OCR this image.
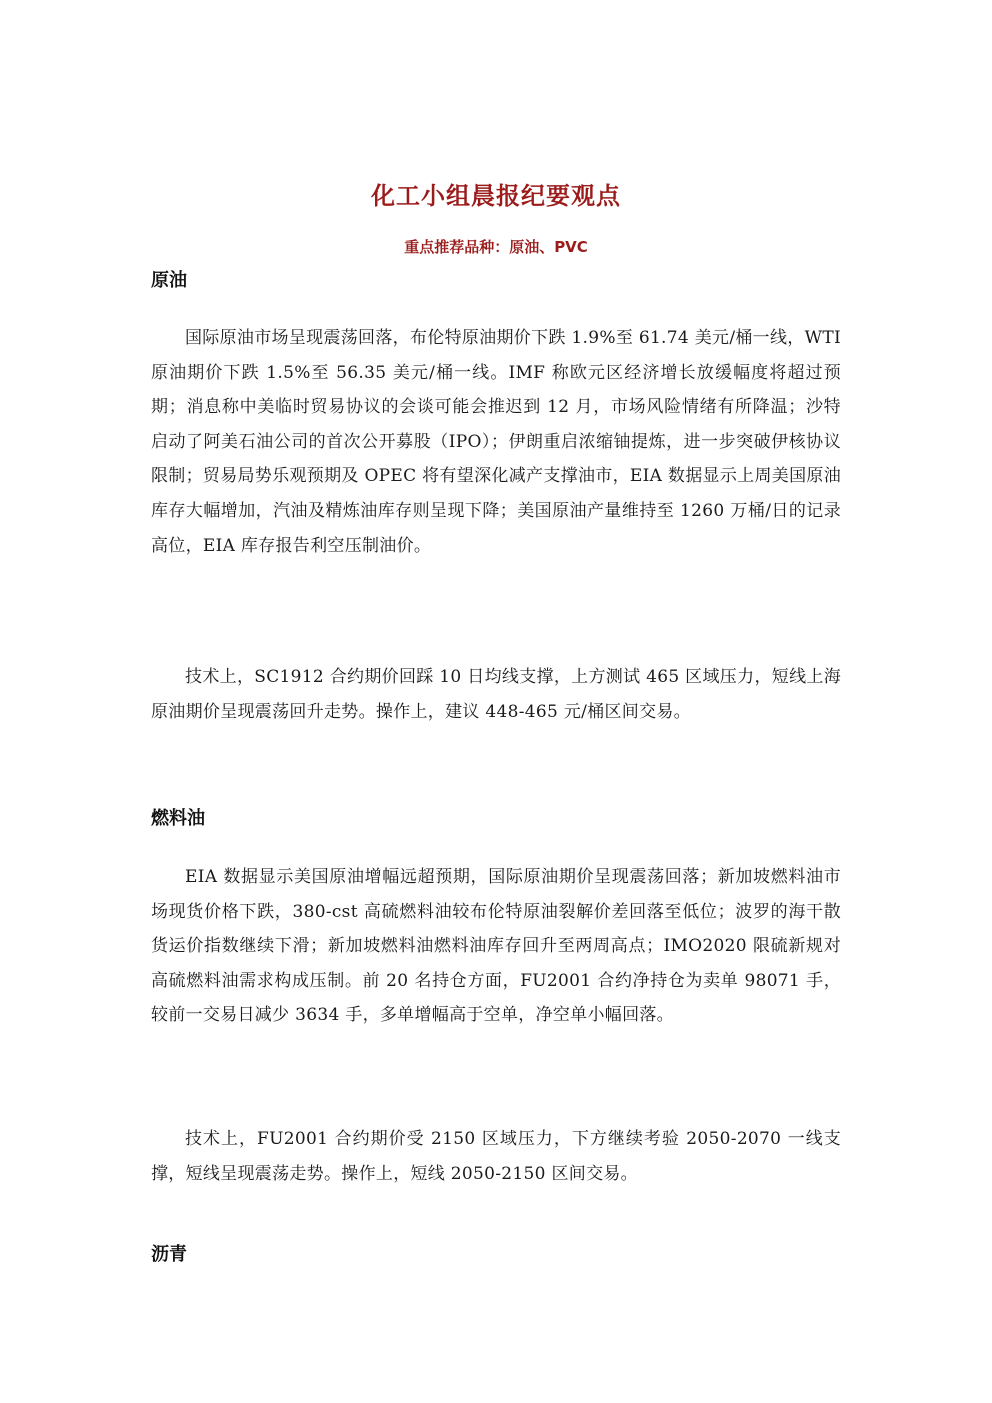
化工小组晨报纪要观点
重点推荐品种：原油、PVC
原油
国际原油市场呈现震荡回落，布伦特原油期价下跌 1.9%至 61.74 美元/桶一线，WTI 原油期价下跌 1.5%至 56.35 美元/桶一线。IMF 称欧元区经济增长放缓幅度将超过预期；消息称中美临时贸易协议的会谈可能会推迟到 12 月，市场风险情绪有所降温；沙特启动了阿美石油公司的首次公开募股（IPO）；伊朗重启浓缩铀提炼，进一步突破伊核协议限制；贸易局势乐观预期及 OPEC 将有望深化减产支撑油市，EIA 数据显示上周美国原油库存大幅增加，汽油及精炼油库存则呈现下降；美国原油产量维持至 1260 万桶/日的记录高位，EIA 库存报告利空压制油价。
技术上，SC1912 合约期价回踩 10 日均线支撑，上方测试 465 区域压力，短线上海原油期价呈现震荡回升走势。操作上，建议 448-465 元/桶区间交易。
燃料油
EIA 数据显示美国原油增幅远超预期，国际原油期价呈现震荡回落；新加坡燃料油市场现货价格下跌，380-cst 高硫燃料油较布伦特原油裂解价差回落至低位；波罗的海干散货运价指数继续下滑；新加坡燃料油燃料油库存回升至两周高点；IMO2020 限硫新规对高硫燃料油需求构成压制。前 20 名持仓方面，FU2001 合约净持仓为卖单 98071 手，较前一交易日减少 3634 手，多单增幅高于空单，净空单小幅回落。
技术上，FU2001 合约期价受 2150 区域压力，下方继续考验 2050-2070 一线支撑，短线呈现震荡走势。操作上，短线 2050-2150 区间交易。
沥青
